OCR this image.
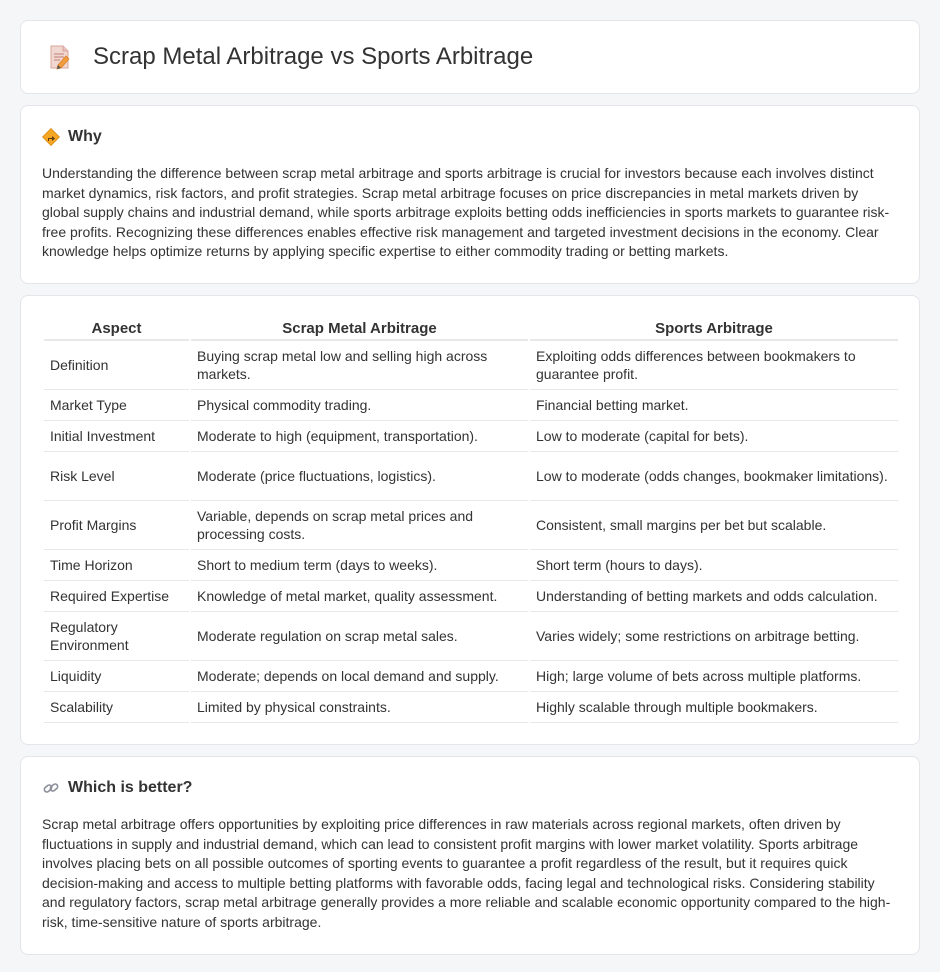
Scrap Metal Arbitrage vs Sports Arbitrage
Why

Understanding the difference between scrap metal arbitrage and sports arbitrage is crucial for investors because each involves distinct market dynamics, risk factors, and profit strategies. Scrap metal arbitrage focuses on price discrepancies in metal markets driven by global supply chains and industrial demand, while sports arbitrage exploits betting odds inefficiencies in sports markets to guarantee risk-free profits. Recognizing these differences enables effective risk management and targeted investment decisions in the economy. Clear knowledge helps optimize returns by applying specific expertise to either commodity trading or betting markets.

Aspect	Scrap Metal Arbitrage	Sports Arbitrage
Definition	Buying scrap metal low and selling high across markets.	Exploiting odds differences between bookmakers to guarantee profit.
Market Type	Physical commodity trading.	Financial betting market.
Initial Investment	Moderate to high (equipment, transportation).	Low to moderate (capital for bets).
Risk Level	Moderate (price fluctuations, logistics).	Low to moderate (odds changes, bookmaker limitations).
Profit Margins	Variable, depends on scrap metal prices and processing costs.	Consistent, small margins per bet but scalable.
Time Horizon	Short to medium term (days to weeks).	Short term (hours to days).
Required Expertise	Knowledge of metal market, quality assessment.	Understanding of betting markets and odds calculation.
Regulatory Environment	Moderate regulation on scrap metal sales.	Varies widely; some restrictions on arbitrage betting.
Liquidity	Moderate; depends on local demand and supply.	High; large volume of bets across multiple platforms.
Scalability	Limited by physical constraints.	Highly scalable through multiple bookmakers.
Which is better?

Scrap metal arbitrage offers opportunities by exploiting price differences in raw materials across regional markets, often driven by fluctuations in supply and industrial demand, which can lead to consistent profit margins with lower market volatility. Sports arbitrage involves placing bets on all possible outcomes of sporting events to guarantee a profit regardless of the result, but it requires quick decision-making and access to multiple betting platforms with favorable odds, facing legal and technological risks. Considering stability and regulatory factors, scrap metal arbitrage generally provides a more reliable and scalable economic opportunity compared to the high-risk, time-sensitive nature of sports arbitrage.
